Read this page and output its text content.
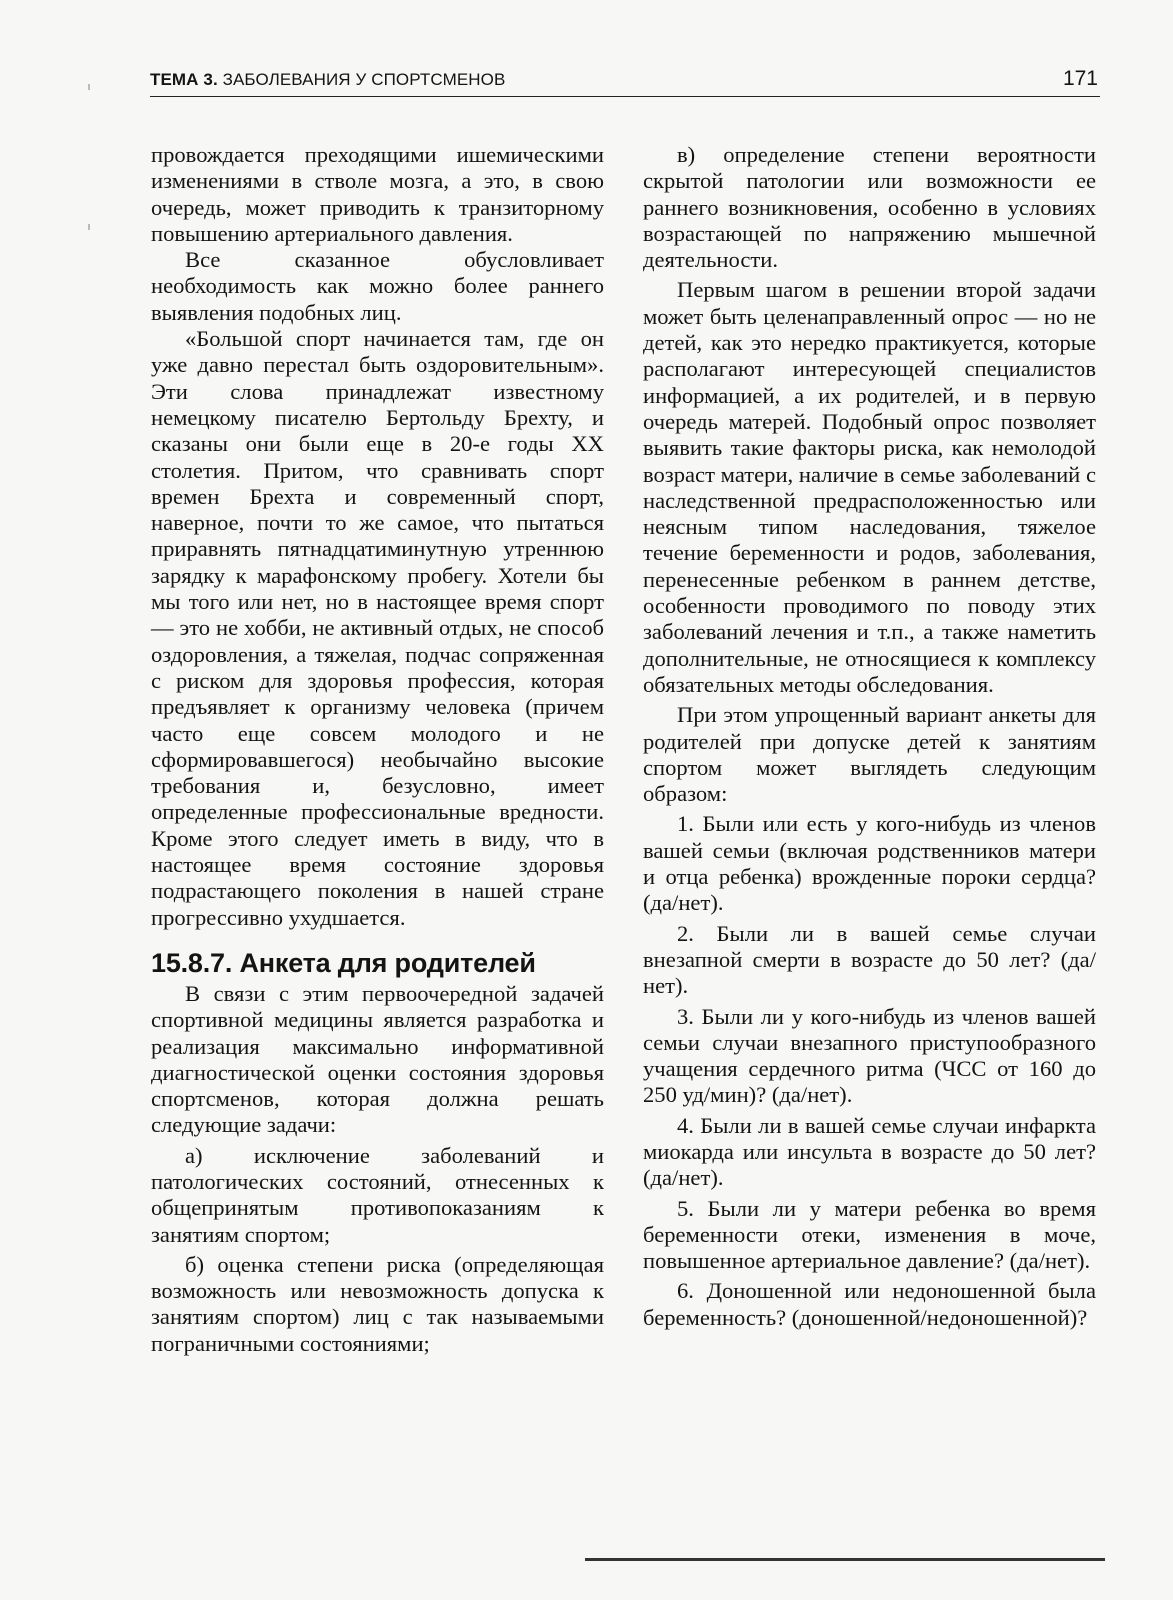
ТЕМА 3. ЗАБОЛЕВАНИЯ У СПОРТСМЕНОВ	171

провождается преходящими ишемическими изменениями в стволе мозга, а это, в свою очередь, может приводить к транзиторному повышению артериального давления.

Все сказанное обусловливает необходимость как можно более раннего выявления подобных лиц.

«Большой спорт начинается там, где он уже давно перестал быть оздоровительным». Эти слова принадлежат известному немецкому писателю Бертольду Брехту, и сказаны они были еще в 20-е годы XX столетия. Притом, что сравнивать спорт времен Брехта и современный спорт, наверное, почти то же самое, что пытаться приравнять пятнадцатиминутную утреннюю зарядку к марафонскому пробегу. Хотели бы мы того или нет, но в настоящее время спорт — это не хобби, не активный отдых, не способ оздоровления, а тяжелая, подчас сопряженная с риском для здоровья профессия, которая предъявляет к организму человека (причем часто еще совсем молодого и не сформировавшегося) необычайно высокие требования и, безусловно, имеет определенные профессиональные вредности. Кроме этого следует иметь в виду, что в настоящее время состояние здоровья подрастающего поколения в нашей стране прогрессивно ухудшается.

15.8.7. Анкета для родителей

В связи с этим первоочередной задачей спортивной медицины является разработка и реализация максимально информативной диагностической оценки состояния здоровья спортсменов, которая должна решать следующие задачи:

а) исключение заболеваний и патологических состояний, отнесенных к общепринятым противопоказаниям к занятиям спортом;

б) оценка степени риска (определяющая возможность или невозможность допуска к занятиям спортом) лиц с так называемыми пограничными состояниями;

в) определение степени вероятности скрытой патологии или возможности ее раннего возникновения, особенно в условиях возрастающей по напряжению мышечной деятельности.

Первым шагом в решении второй задачи может быть целенаправленный опрос — но не детей, как это нередко практикуется, которые располагают интересующей специалистов информацией, а их родителей, и в первую очередь матерей. Подобный опрос позволяет выявить такие факторы риска, как немолодой возраст матери, наличие в семье заболеваний с наследственной предрасположенностью или неясным типом наследования, тяжелое течение беременности и родов, заболевания, перенесенные ребенком в раннем детстве, особенности проводимого по поводу этих заболеваний лечения и т.п., а также наметить дополнительные, не относящиеся к комплексу обязательных методы обследования.

При этом упрощенный вариант анкеты для родителей при допуске детей к занятиям спортом может выглядеть следующим образом:

1. Были или есть у кого-нибудь из членов вашей семьи (включая родственников матери и отца ребенка) врожденные пороки сердца? (да/нет).

2. Были ли в вашей семье случаи внезапной смерти в возрасте до 50 лет? (да/нет).

3. Были ли у кого-нибудь из членов вашей семьи случаи внезапного приступообразного учащения сердечного ритма (ЧСС от 160 до 250 уд/мин)? (да/нет).

4. Были ли в вашей семье случаи инфаркта миокарда или инсульта в возрасте до 50 лет? (да/нет).

5. Были ли у матери ребенка во время беременности отеки, изменения в моче, повышенное артериальное давление? (да/нет).

6. Доношенной или недоношенной была беременность? (доношенной/недоношенной)?
